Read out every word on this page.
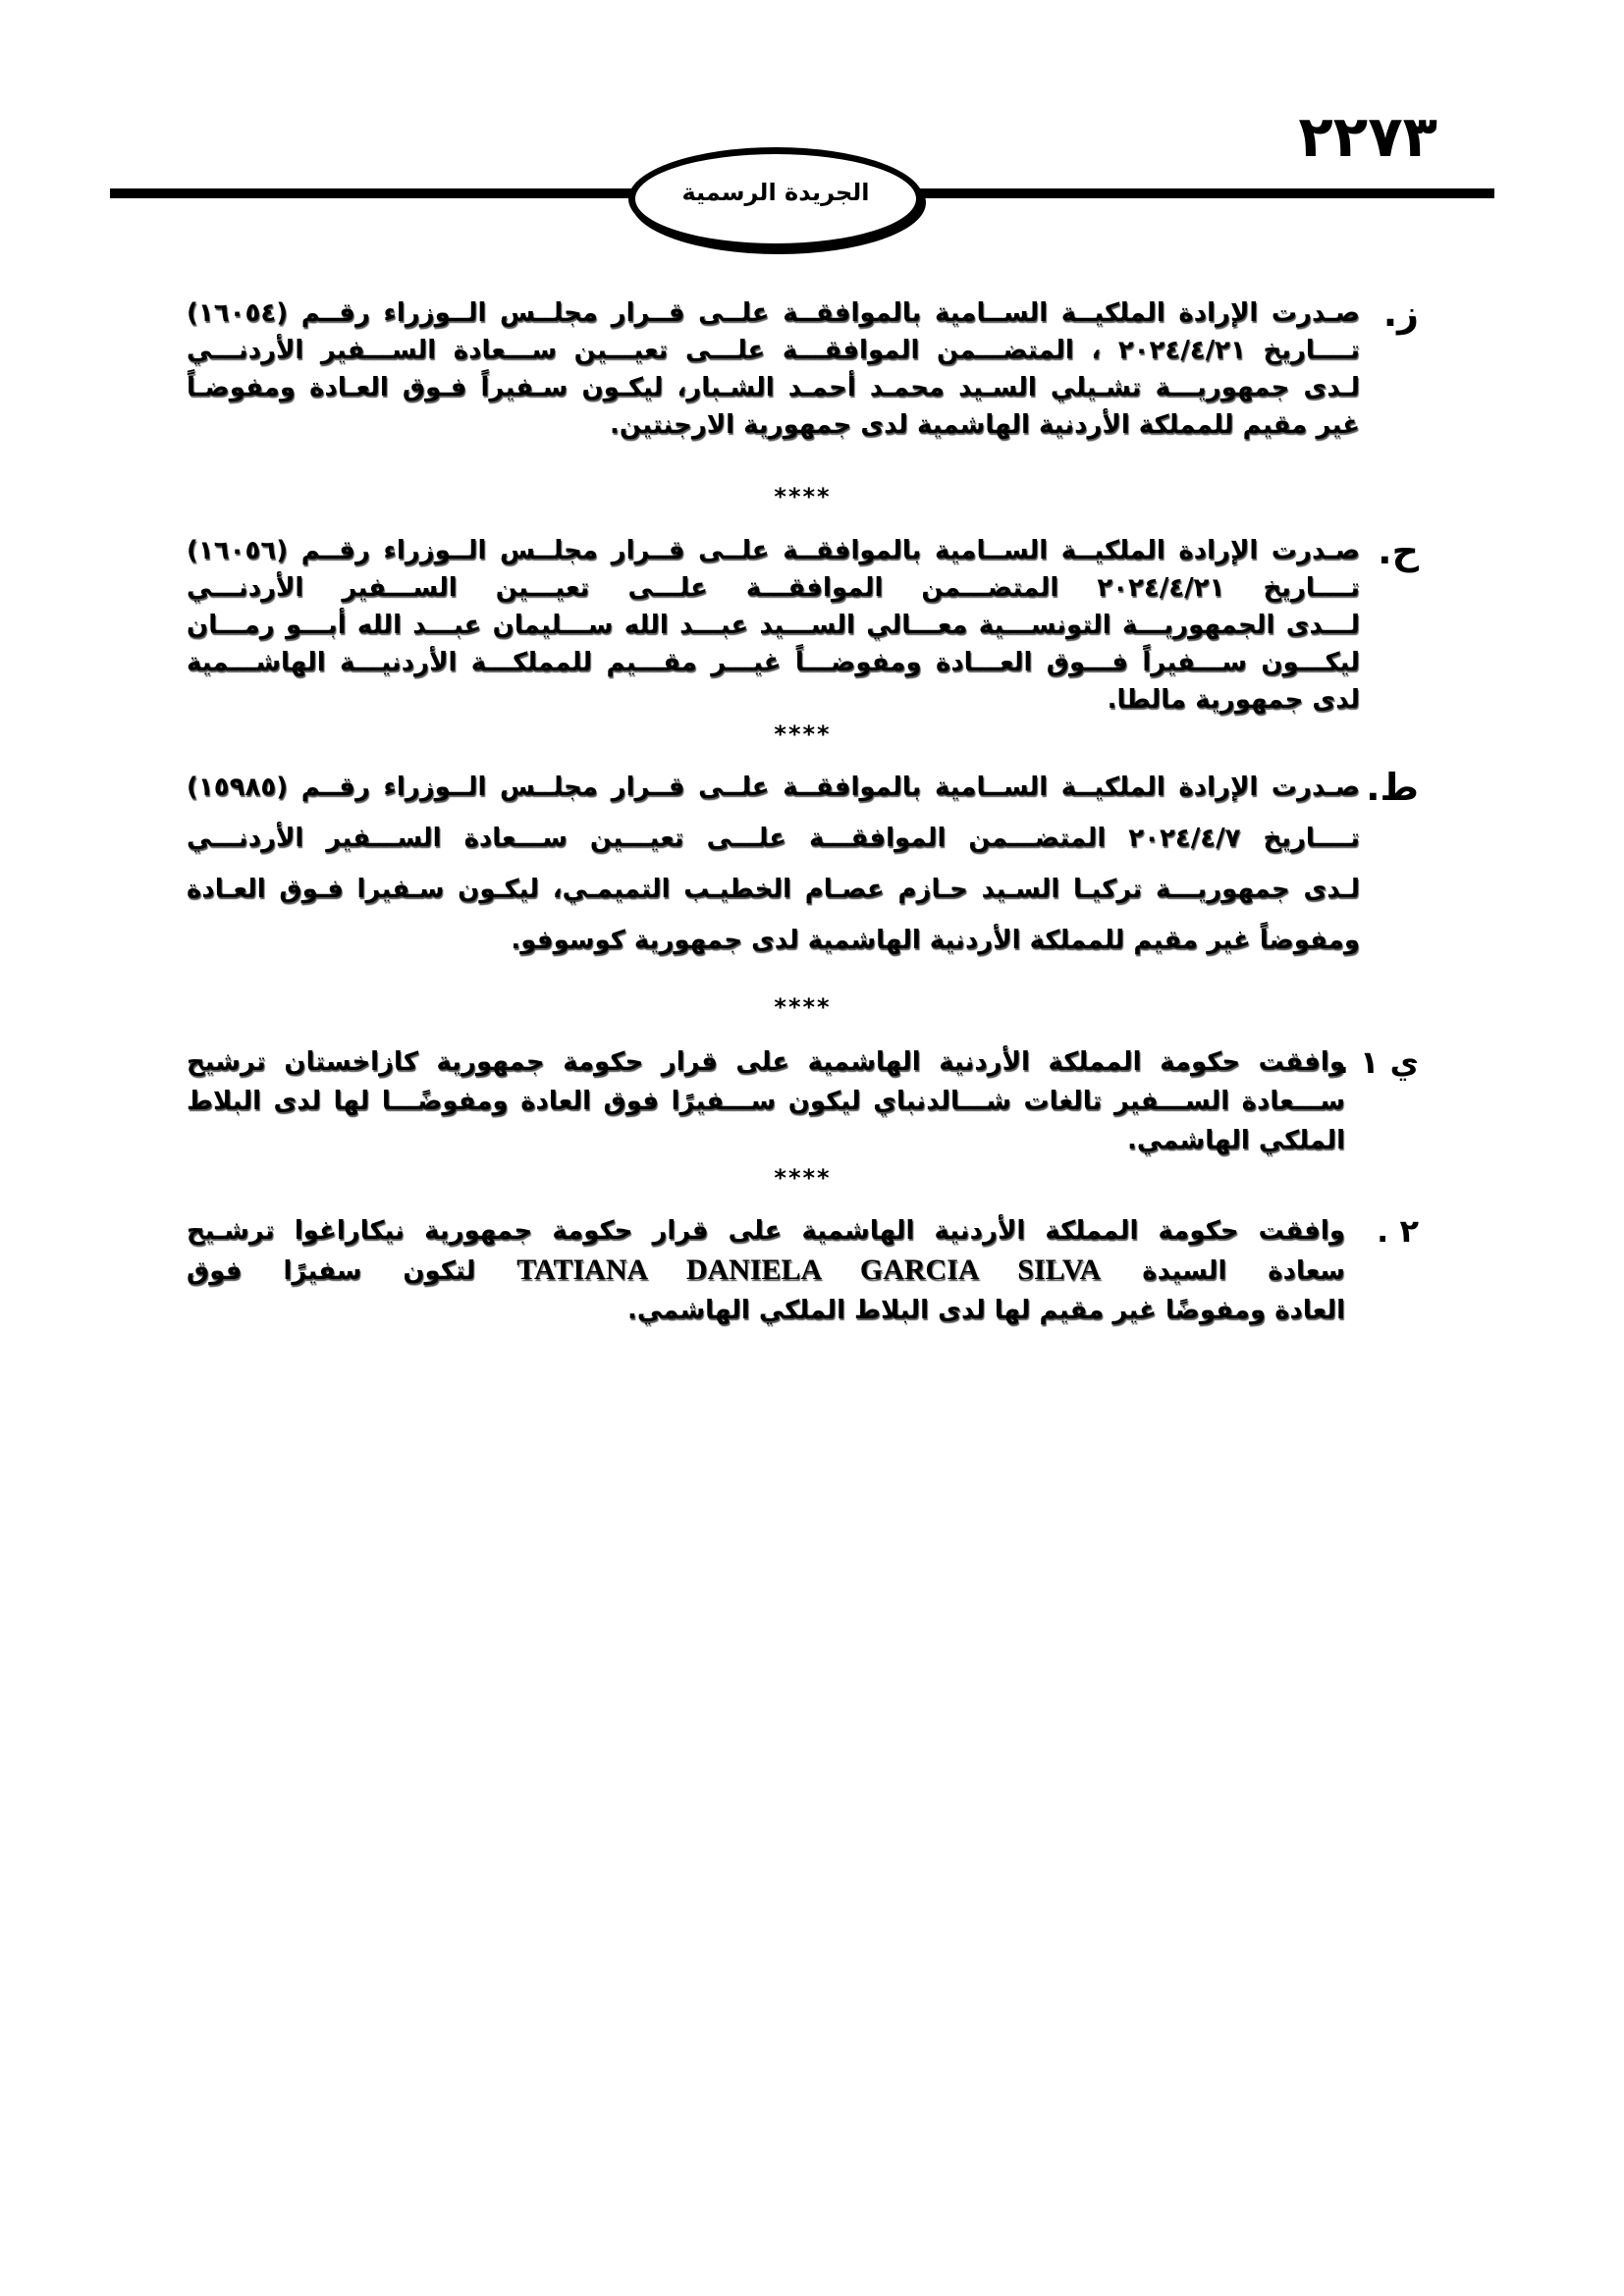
٢٢٧٣
الجريدة الرسمية
ز.
صـدرت الإرادة الملكيــة الســامية بالموافقــة علــى قــرار مجلــس الــوزراء رقــم (١٦٠٥٤)
تــــاريخ ٢٠٢٤/٤/٢١ ، المتضـــمن الموافقـــة علـــى تعيـــين ســـعادة الســـفير الأردنـــي
لـدى جمهوريـــة تشـيلي السـيد محمـد أحمـد الشـبار، ليكـون سـفيراً فـوق العـادة ومفوضـاً
غير مقيم للمملكة الأردنية الهاشمية لدى جمهورية الارجنتين.
****
ح.
صـدرت الإرادة الملكيــة الســامية بالموافقــة علــى قــرار مجلــس الــوزراء رقــم (١٦٠٥٦)
تــــاريخ ٢٠٢٤/٤/٢١ المتضـــمن الموافقـــة علـــى تعيـــين الســـفير الأردنـــي
لـــدى الجمهوريـــة التونســـية معـــالي الســـيد عبـــد الله ســـليمان عبـــد الله أبـــو رمـــان
ليكـــون ســـفيراً فـــوق العـــادة ومفوضـــاً غيـــر مقـــيم للمملكـــة الأردنيـــة الهاشـــمية
لدى جمهورية مالطا.
****
ط.
صـدرت الإرادة الملكيــة الســامية بالموافقــة علــى قــرار مجلــس الــوزراء رقــم (١٥٩٨٥)
تــــاريخ ٢٠٢٤/٤/٧ المتضـــمن الموافقـــة علـــى تعيـــين ســـعادة الســـفير الأردنـــي
لـدى جمهوريـــة تركيـا السـيد حـازم عصـام الخطيـب التميمـي، ليكـون سـفيرا فـوق العـادة
ومفوضاً غير مقيم للمملكة الأردنية الهاشمية لدى جمهورية كوسوفو.
****
ي ١ .
وافقت حكومة المملكة الأردنية الهاشمية على قرار حكومة جمهورية كازاخستان ترشيح
ســـعادة الســـفير تالغات شـــالدنباي ليكون ســـفيرًا فوق العادة ومفوضًـــا لها لدى البلاط
الملكي الهاشمي.
****
٢ .
وافقت حكومة المملكة الأردنية الهاشمية على قرار حكومة جمهورية نيكاراغوا ترشـيح
سعادة السيدة TATIANA DANIELA GARCIA SILVA لتكون سفيرًا فوق
العادة ومفوضًا غير مقيم لها لدى البلاط الملكي الهاشمي.
